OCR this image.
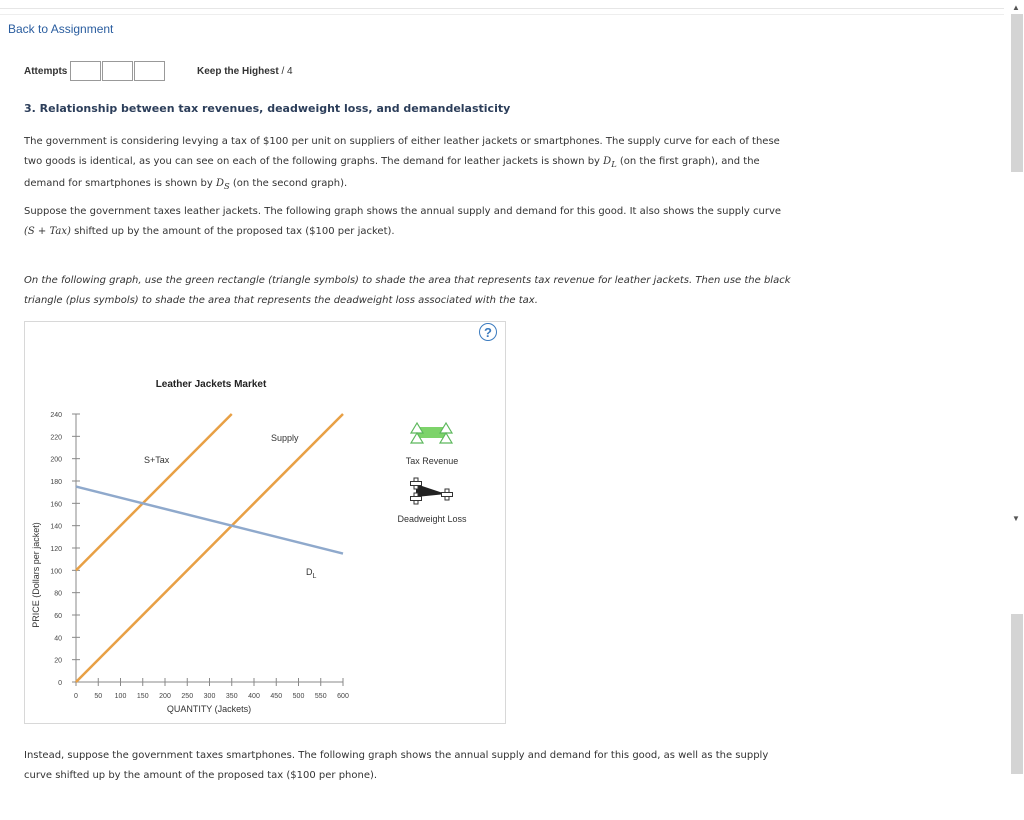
Back to Assignment
Attempts	Keep the Highest / 4
3. Relationship between tax revenues, deadweight loss, and demandelasticity
The government is considering levying a tax of $100 per unit on suppliers of either leather jackets or smartphones. The supply curve for each of these two goods is identical, as you can see on each of the following graphs. The demand for leather jackets is shown by $D_L$ (on the first graph), and the demand for smartphones is shown by $D_S$ (on the second graph).
Suppose the government taxes leather jackets. The following graph shows the annual supply and demand for this good. It also shows the supply curve (S + Tax) shifted up by the amount of the proposed tax ($100 per jacket).
On the following graph, use the green rectangle (triangle symbols) to shade the area that represents tax revenue for leather jackets. Then use the black triangle (plus symbols) to shade the area that represents the deadweight loss associated with the tax.
?
Leather Jackets Market
PRICE (Dollars per jacket)
QUANTITY (Jackets)
0
20
40
60
80
100
120
140
160
180
200
220
240
0 50 100 150 200 250 300 350 400 450 500 550 600
Supply
S+Tax
$D_L$
Tax Revenue
Deadweight Loss
Instead, suppose the government taxes smartphones. The following graph shows the annual supply and demand for this good, as well as the supply curve shifted up by the amount of the proposed tax ($100 per phone).
▲
▼
